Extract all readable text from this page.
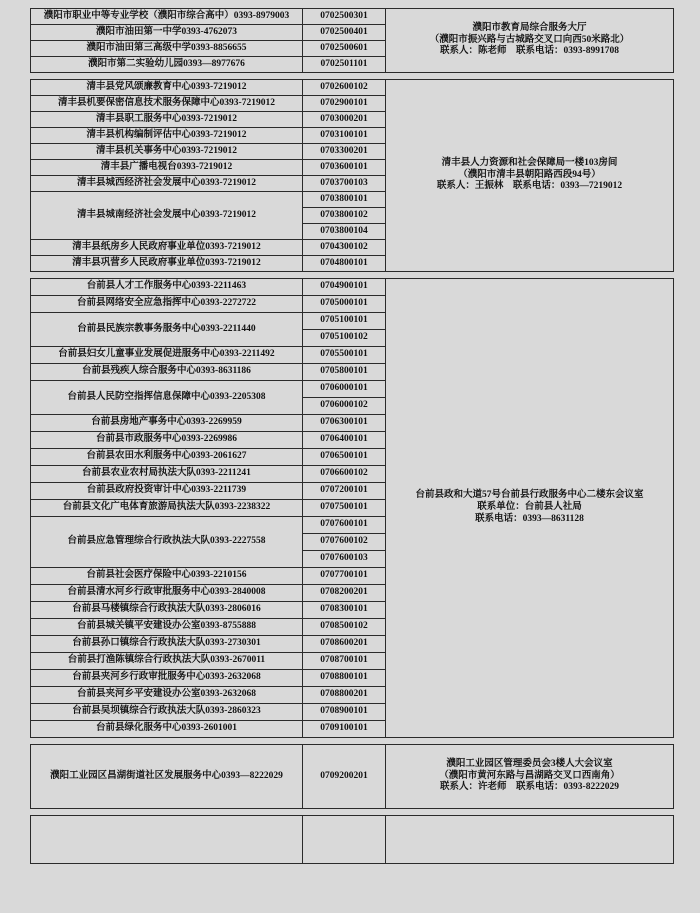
濮阳市职业中等专业学校（濮阳市综合高中）0393-8979003	0702500301	濮阳市教育局综合服务大厅
（濮阳市振兴路与古城路交叉口向西50米路北）
联系人：陈老师　联系电话：0393-8991708

濮阳市油田第一中学0393-4762073	0702500401	
濮阳市油田第三高级中学0393-8856655	0702500601	
濮阳市第二实验幼儿园0393—8977676	0702501101	
清丰县党风颂廉教育中心0393-7219012	0702600102	清丰县人力资源和社会保障局一楼103房间
（濮阳市清丰县朝阳路西段94号）
联系人：王振林　联系电话：0393—7219012

清丰县机要保密信息技术服务保障中心0393-7219012	0702900101	
清丰县职工服务中心0393-7219012	0703000201	
清丰县机构编制评估中心0393-7219012	0703100101	
清丰县机关事务中心0393-7219012	0703300201	
清丰县广播电视台0393-7219012	0703600101	
清丰县城西经济社会发展中心0393-7219012	0703700103	
清丰县城南经济社会发展中心0393-7219012	0703800101	
	0703800102	
	0703800104	
清丰县纸房乡人民政府事业单位0393-7219012	0704300102	
清丰县巩营乡人民政府事业单位0393-7219012	0704800101	
台前县人才工作服务中心0393-2211463	0704900101	台前县政和大道57号台前县行政服务中心二楼东会议室
联系单位：台前县人社局
联系电话：0393—8631128

台前县网络安全应急指挥中心0393-2272722	0705000101	
台前县民族宗教事务服务中心0393-2211440	0705100101	
	0705100102	
台前县妇女儿童事业发展促进服务中心0393-2211492	0705500101	
台前县残疾人综合服务中心0393-8631186	0705800101	
台前县人民防空指挥信息保障中心0393-2205308	0706000101	
	0706000102	
台前县房地产事务中心0393-2269959	0706300101	
台前县市政服务中心0393-2269986	0706400101	
台前县农田水利服务中心0393-2061627	0706500101	
台前县农业农村局执法大队0393-2211241	0706600102	
台前县政府投资审计中心0393-2211739	0707200101	
台前县文化广电体育旅游局执法大队0393-2238322	0707500101	
台前县应急管理综合行政执法大队0393-2227558	0707600101	
	0707600102	
	0707600103	
台前县社会医疗保险中心0393-2210156	0707700101	
台前县清水河乡行政审批服务中心0393-2840008	0708200201	
台前县马楼镇综合行政执法大队0393-2806016	0708300101	
台前县城关镇平安建设办公室0393-8755888	0708500102	
台前县孙口镇综合行政执法大队0393-2730301	0708600201	
台前县打渔陈镇综合行政执法大队0393-2670011	0708700101	
台前县夹河乡行政审批服务中心0393-2632068	0708800101	
台前县夹河乡平安建设办公室0393-2632068	0708800201	
台前县吴坝镇综合行政执法大队0393-2860323	0708900101	
台前县绿化服务中心0393-2601001	0709100101	
濮阳工业园区昌湖街道社区发展服务中心0393—8222029	0709200201	
濮阳工业园区管理委员会3楼人大会议室
（濮阳市黄河东路与昌湖路交叉口西南角）
联系人：许老师　联系电话：0393-8222029
